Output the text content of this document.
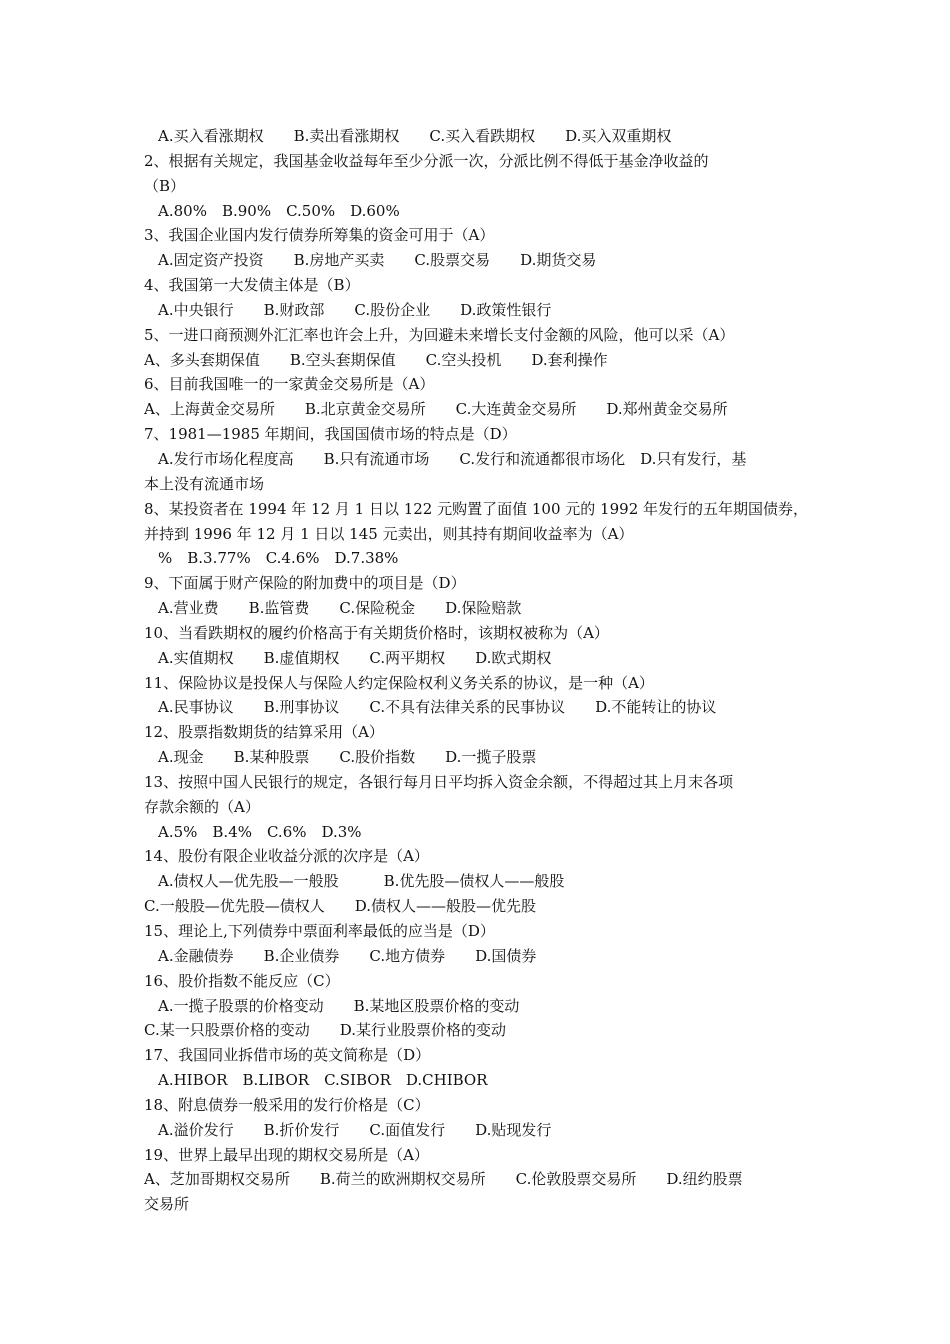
A.买入看涨期权　　B.卖出看涨期权　　C.买入看跌期权　　D.买入双重期权
2、根据有关规定，我国基金收益每年至少分派一次，分派比例不得低于基金净收益的
（B）
A.80%　B.90%　C.50%　D.60%
3、我国企业国内发行债券所筹集的资金可用于（A）
A.固定资产投资　　B.房地产买卖　　C.股票交易　　D.期货交易
4、我国第一大发债主体是（B）
A.中央银行　　B.财政部　　C.股份企业　　D.政策性银行
5、一进口商预测外汇汇率也许会上升，为回避未来增长支付金额的风险，他可以采（A）
A、多头套期保值　　B.空头套期保值　　C.空头投机　　D.套利操作
6、目前我国唯一的一家黄金交易所是（A）
A、上海黄金交易所　　B.北京黄金交易所　　C.大连黄金交易所　　D.郑州黄金交易所
7、1981—1985 年期间，我国国债市场的特点是（D）
A.发行市场化程度高　　B.只有流通市场　　C.发行和流通都很市场化　D.只有发行，基
本上没有流通市场
8、某投资者在 1994 年 12 月 1 日以 122 元购置了面值 100 元的 1992 年发行的五年期国债券，
并持到 1996 年 12 月 1 日以 145 元卖出，则其持有期间收益率为（A）
%　B.3.77%　C.4.6%　D.7.38%
9、下面属于财产保险的附加费中的项目是（D）
A.营业费　　B.监管费　　C.保险税金　　D.保险赔款
10、当看跌期权的履约价格高于有关期货价格时，该期权被称为（A）
A.实值期权　　B.虚值期权　　C.两平期权　　D.欧式期权
11、保险协议是投保人与保险人约定保险权利义务关系的协议，是一种（A）
A.民事协议　　B.刑事协议　　C.不具有法律关系的民事协议　　D.不能转让的协议
12、股票指数期货的结算采用（A）
A.现金　　B.某种股票　　C.股价指数　　D.一揽子股票
13、按照中国人民银行的规定，各银行每月日平均拆入资金余额，不得超过其上月末各项
存款余额的（A）
A.5%　B.4%　C.6%　D.3%
14、股份有限企业收益分派的次序是（A）
A.债权人—优先股—一般股　　　B.优先股—债权人——般股
C.一般股—优先股—债权人　　D.债权人——般股—优先股
15、理论上,下列债券中票面利率最低的应当是（D）
A.金融债券　　B.企业债券　　C.地方债券　　D.国债券
16、股价指数不能反应（C）
A.一揽子股票的价格变动　　B.某地区股票价格的变动
C.某一只股票价格的变动　　D.某行业股票价格的变动
17、我国同业拆借市场的英文简称是（D）
A.HIBOR　B.LIBOR　C.SIBOR　D.CHIBOR
18、附息债券一般采用的发行价格是（C）
A.溢价发行　　B.折价发行　　C.面值发行　　D.贴现发行
19、世界上最早出现的期权交易所是（A）
A、芝加哥期权交易所　　B.荷兰的欧洲期权交易所　　C.伦敦股票交易所　　D.纽约股票
交易所
